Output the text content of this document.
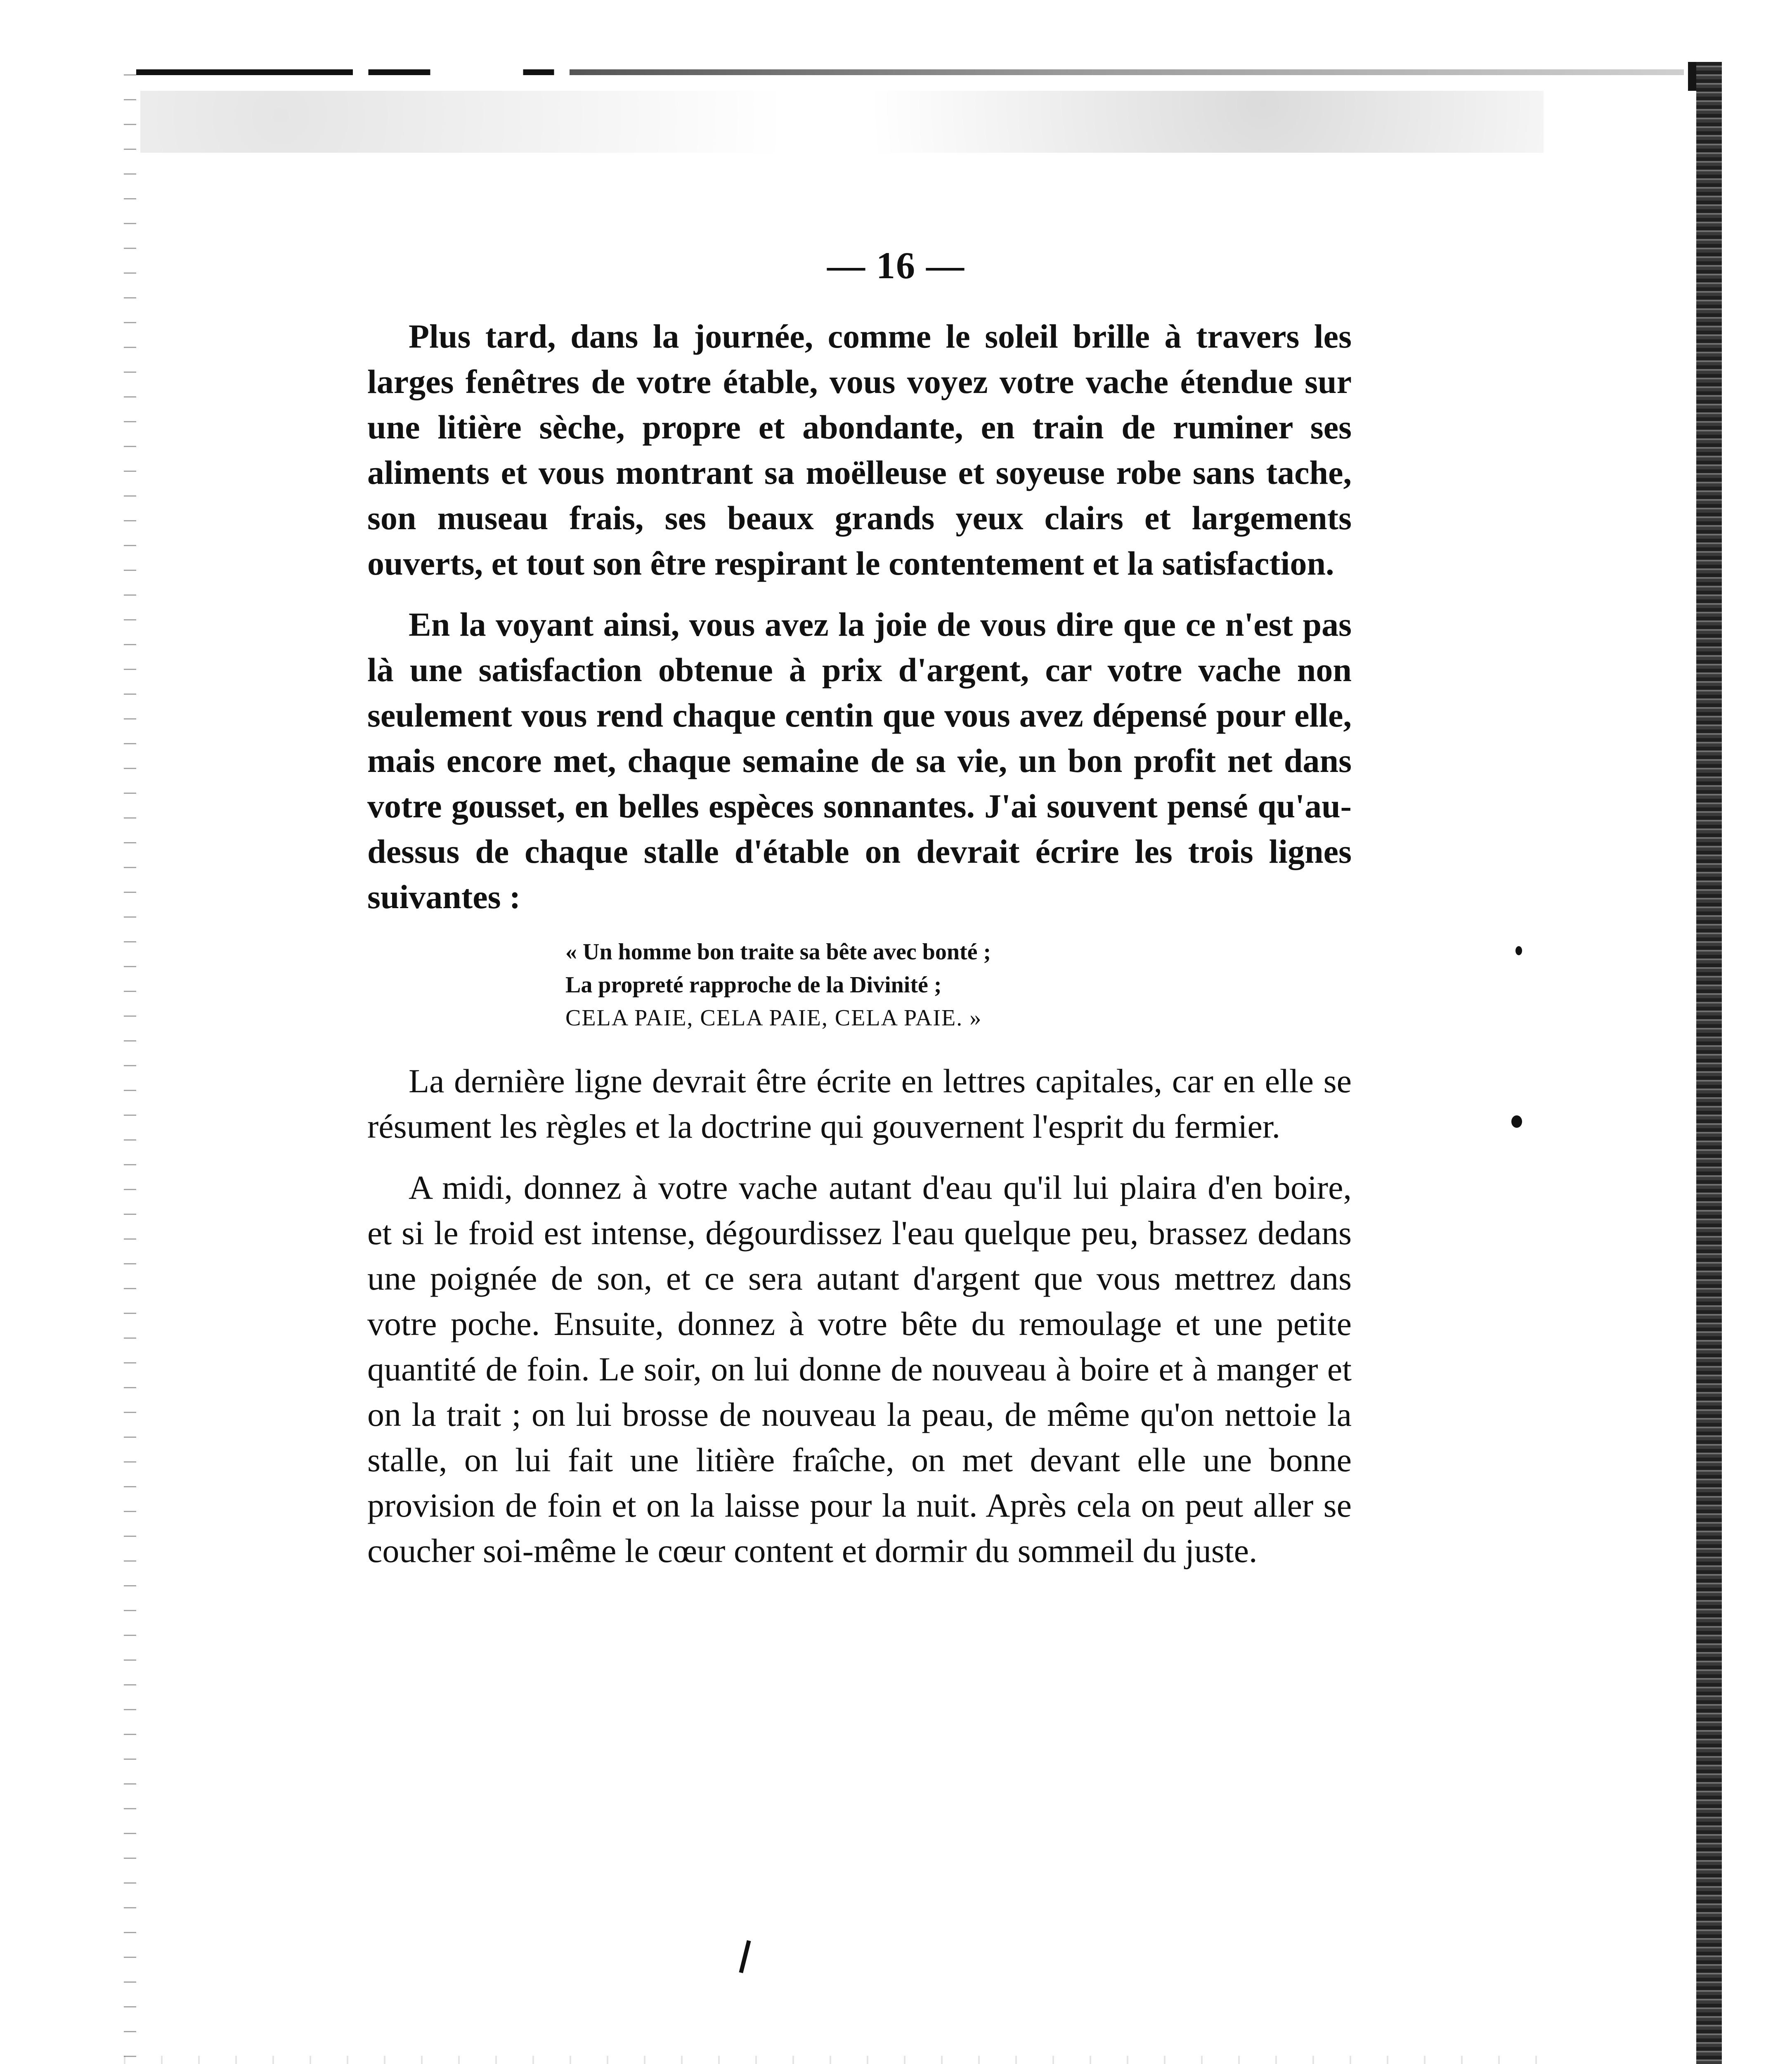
— 16 —

Plus tard, dans la journée, comme le soleil brille à travers les larges fenêtres de votre étable, vous voyez votre vache étendue sur une litière sèche, propre et abondante, en train de ruminer ses aliments et vous montrant sa moëlleuse et soyeuse robe sans tache, son museau frais, ses beaux grands yeux clairs et largements ouverts, et tout son être respirant le contentement et la satisfaction.

En la voyant ainsi, vous avez la joie de vous dire que ce n'est pas là une satisfaction obtenue à prix d'argent, car votre vache non seulement vous rend chaque centin que vous avez dépensé pour elle, mais encore met, chaque semaine de sa vie, un bon profit net dans votre gousset, en belles espèces sonnantes. J'ai souvent pensé qu'au-dessus de chaque stalle d'étable on devrait écrire les trois lignes suivantes :

« Un homme bon traite sa bête avec bonté ;
La propreté rapproche de la Divinité ;
CELA PAIE, CELA PAIE, CELA PAIE. »

La dernière ligne devrait être écrite en lettres capitales, car en elle se résument les règles et la doctrine qui gouvernent l'esprit du fermier.

A midi, donnez à votre vache autant d'eau qu'il lui plaira d'en boire, et si le froid est intense, dégourdissez l'eau quelque peu, brassez dedans une poignée de son, et ce sera autant d'argent que vous mettrez dans votre poche. Ensuite, donnez à votre bête du remoulage et une petite quantité de foin. Le soir, on lui donne de nouveau à boire et à manger et on la trait ; on lui brosse de nouveau la peau, de même qu'on nettoie la stalle, on lui fait une litière fraîche, on met devant elle une bonne provision de foin et on la laisse pour la nuit. Après cela on peut aller se coucher soi-même le cœur content et dormir du sommeil du juste.
